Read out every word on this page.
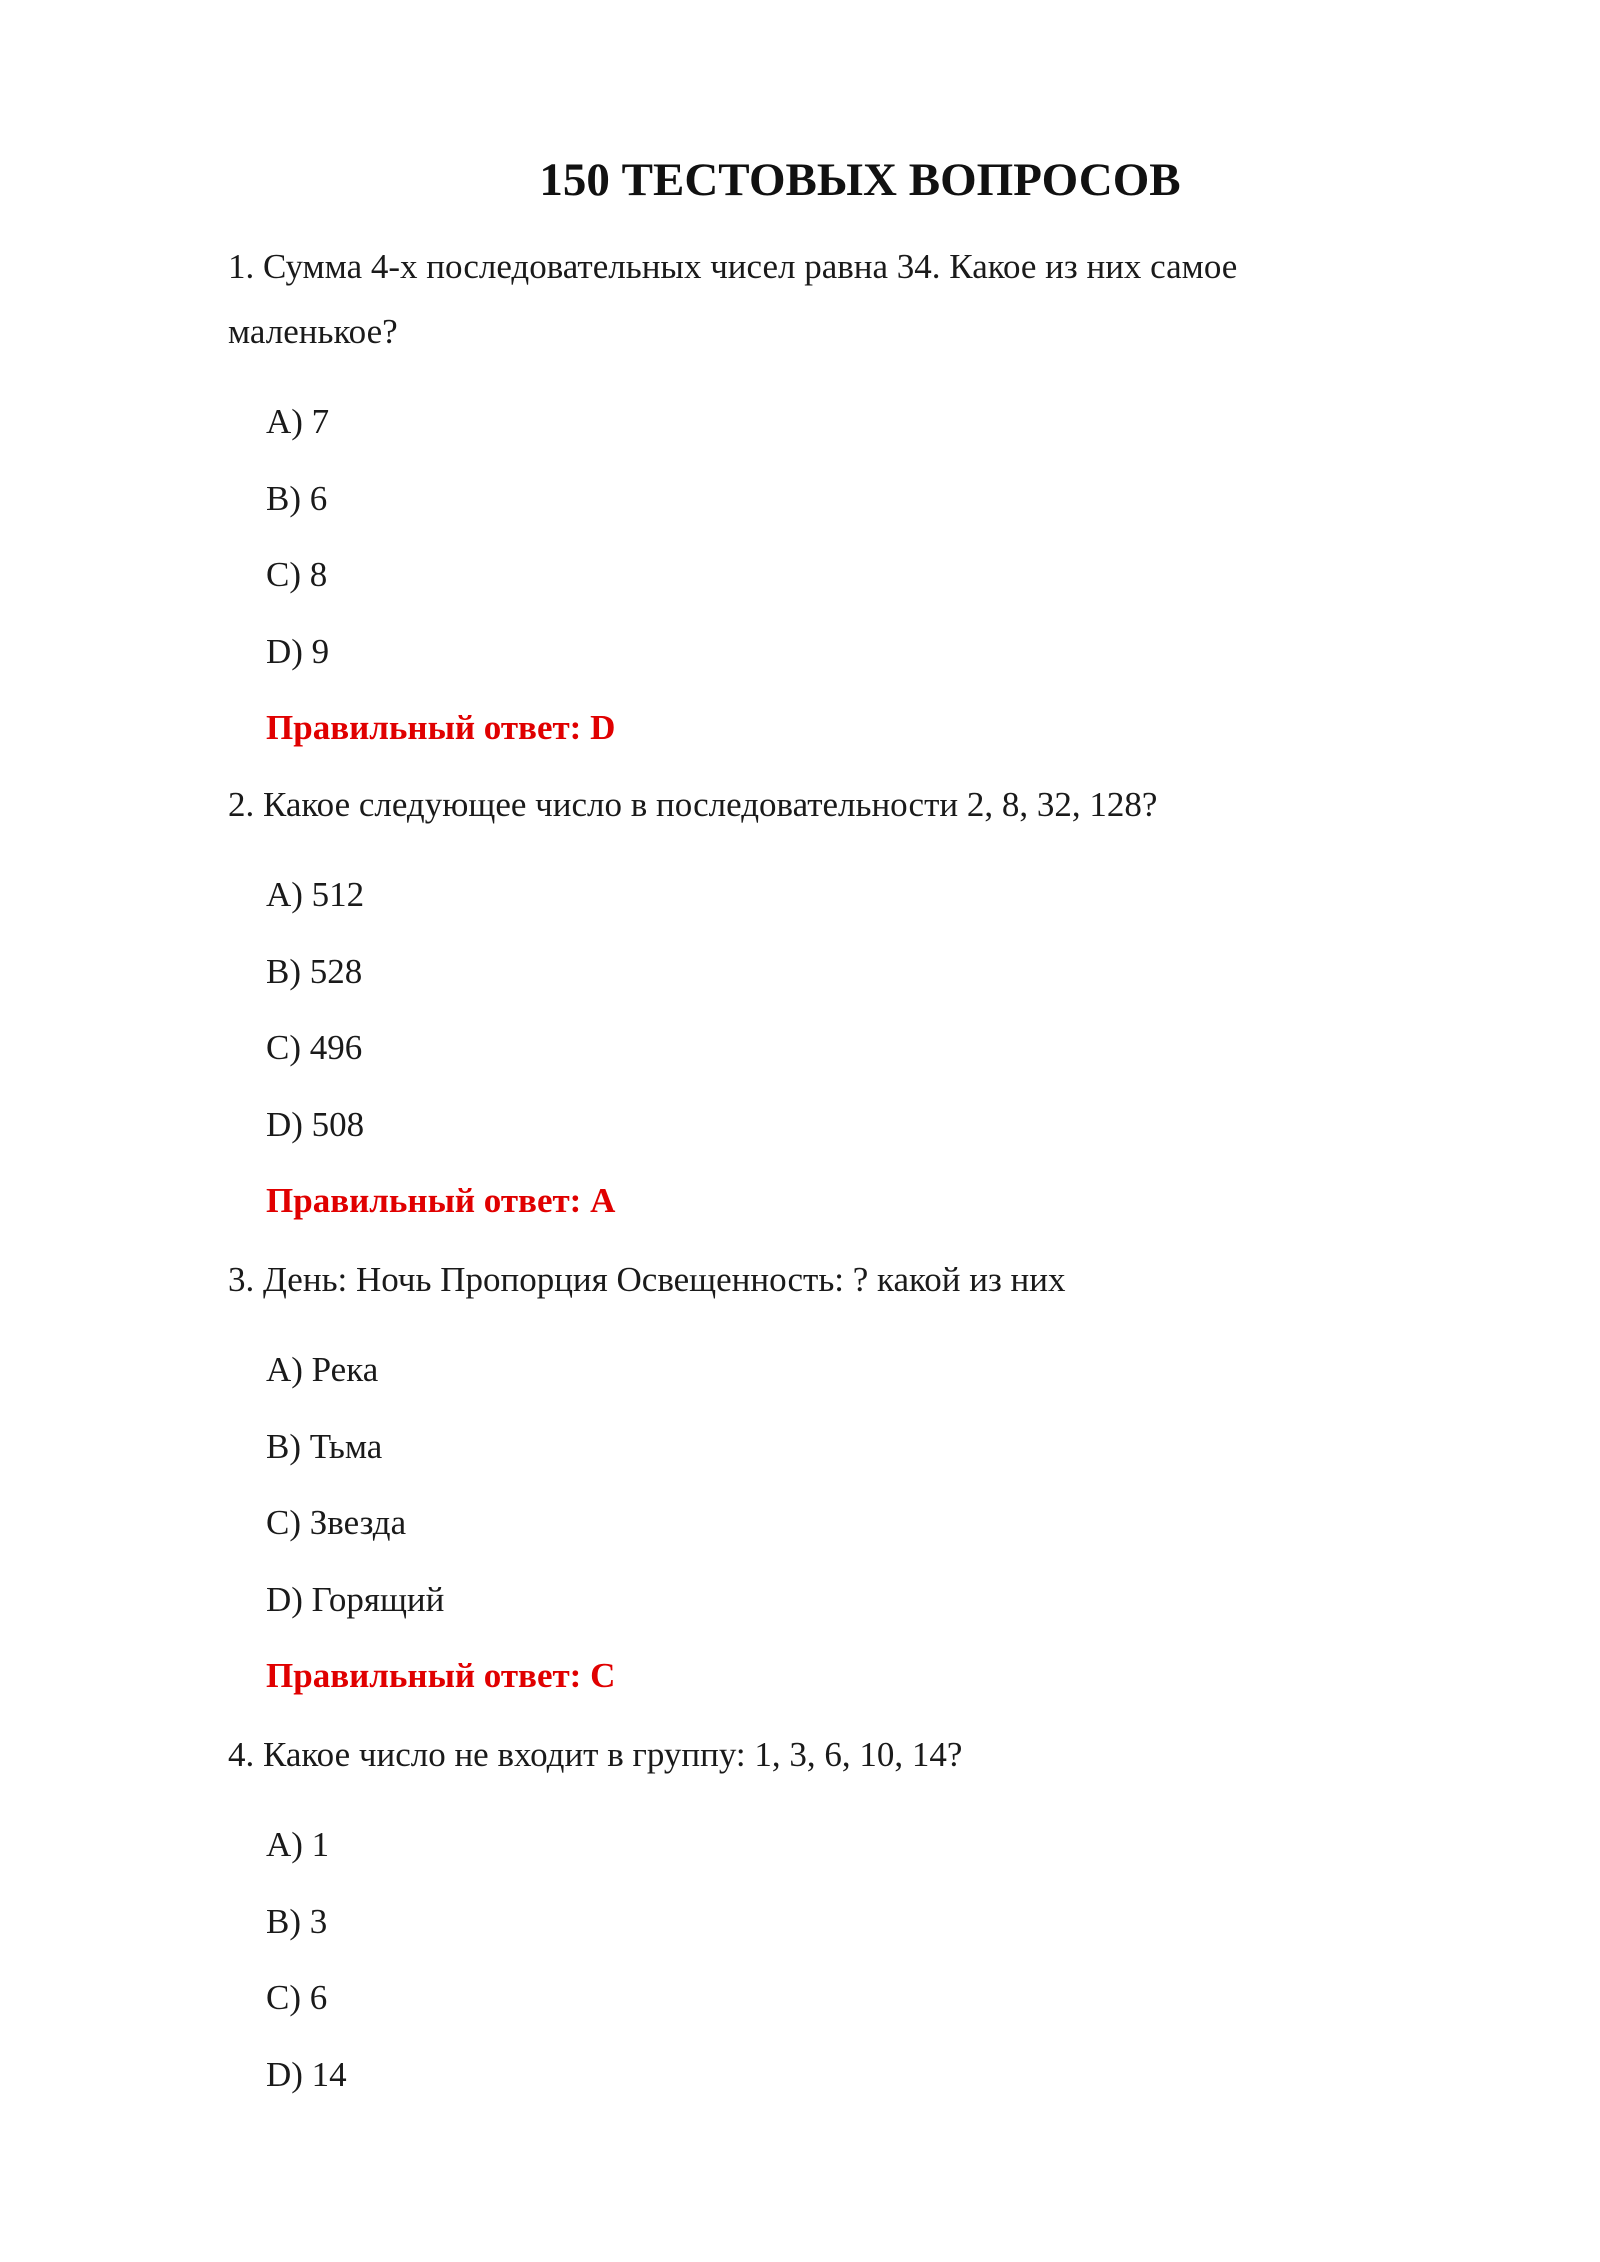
150 ТЕСТОВЫХ ВОПРОСОВ

1. Сумма 4-х последовательных чисел равна 34. Какое из них самое маленькое?

A) 7
B) 6
C) 8
D) 9

Правильный ответ: D

2. Какое следующее число в последовательности 2, 8, 32, 128?

A) 512
B) 528
C) 496
D) 508

Правильный ответ: A

3. День: Ночь Пропорция Освещенность: ? какой из них

A) Река
B) Тьма
C) Звезда
D) Горящий

Правильный ответ: C

4. Какое число не входит в группу: 1, 3, 6, 10, 14?

A) 1
B) 3
C) 6
D) 14
